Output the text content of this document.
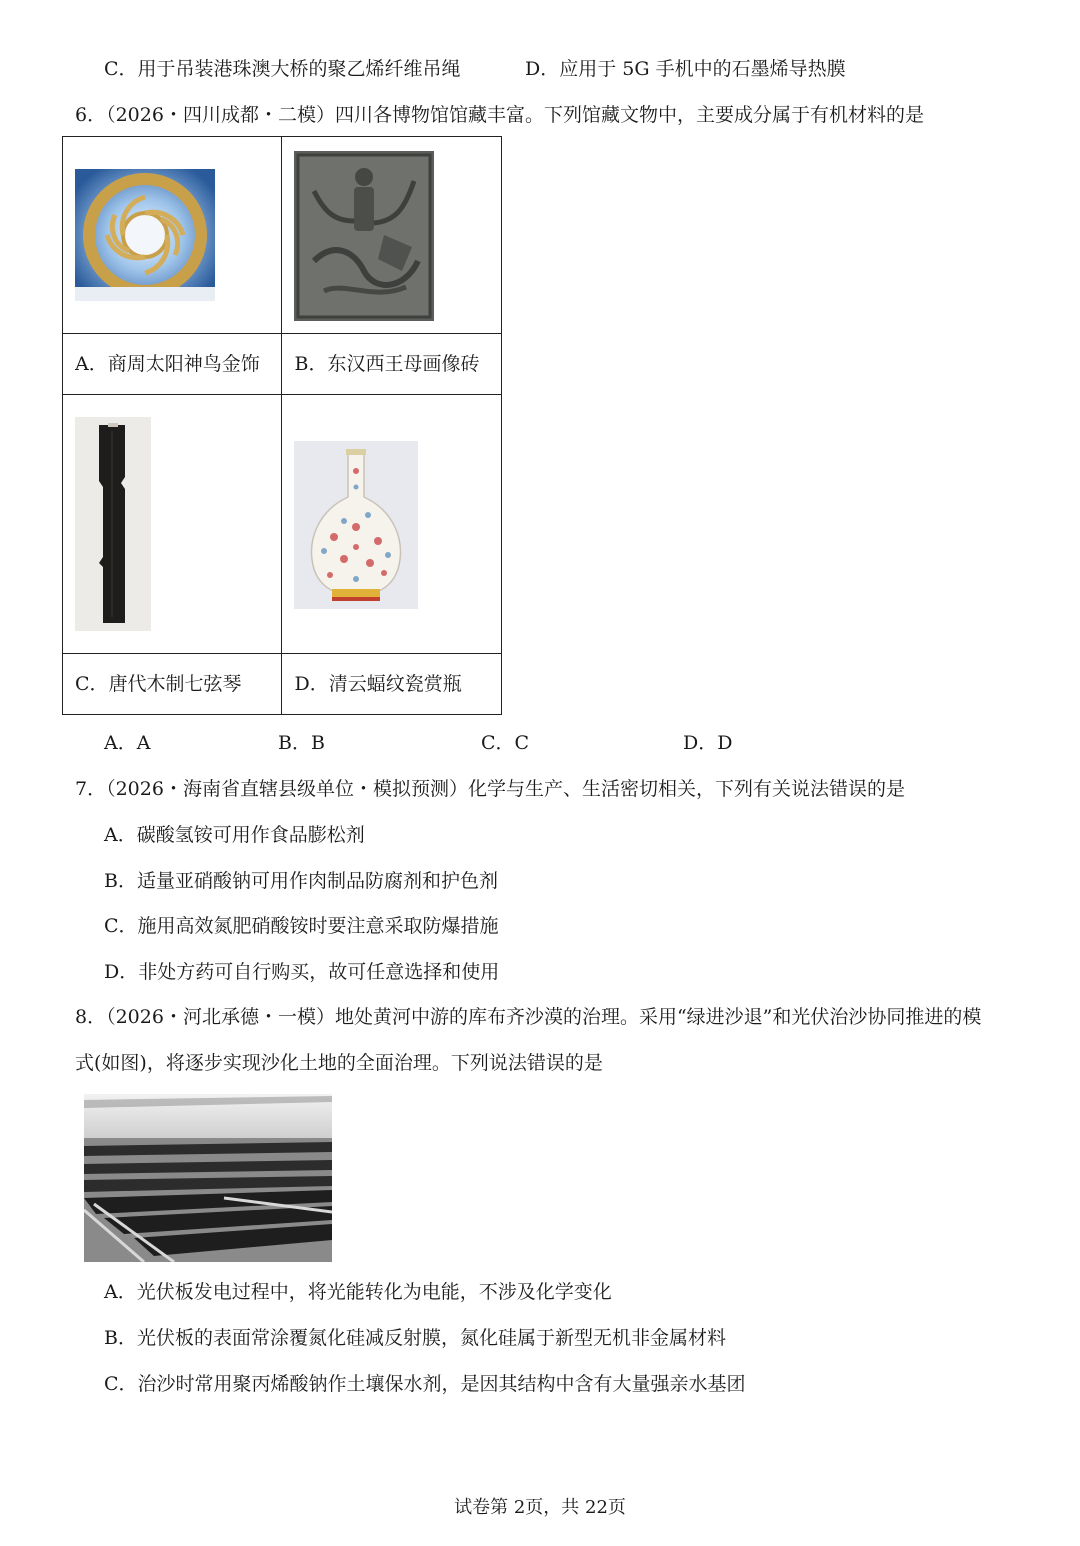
C．用于吊装港珠澳大桥的聚乙烯纤维吊绳	D．应用于 5G 手机中的石墨烯导热膜
6．（2026・四川成都・二模）四川各博物馆馆藏丰富。下列馆藏文物中，主要成分属于有机材料的是

A．商周太阳神鸟金饰	B．东汉西王母画像砖

C．唐代木制七弦琴	D．清云蝠纹瓷赏瓶
A．A	B．B	C．C	D．D
7．（2026・海南省直辖县级单位・模拟预测）化学与生产、生活密切相关，下列有关说法错误的是
A．碳酸氢铵可用作食品膨松剂
B．适量亚硝酸钠可用作肉制品防腐剂和护色剂
C．施用高效氮肥硝酸铵时要注意采取防爆措施
D．非处方药可自行购买，故可任意选择和使用
8．（2026・河北承德・一模）地处黄河中游的库布齐沙漠的治理。采用“绿进沙退”和光伏治沙协同推进的模
式(如图)，将逐步实现沙化土地的全面治理。下列说法错误的是
A．光伏板发电过程中，将光能转化为电能，不涉及化学变化
B．光伏板的表面常涂覆氮化硅减反射膜，氮化硅属于新型无机非金属材料
C．治沙时常用聚丙烯酸钠作土壤保水剂，是因其结构中含有大量强亲水基团
试卷第 2页，共 22页
